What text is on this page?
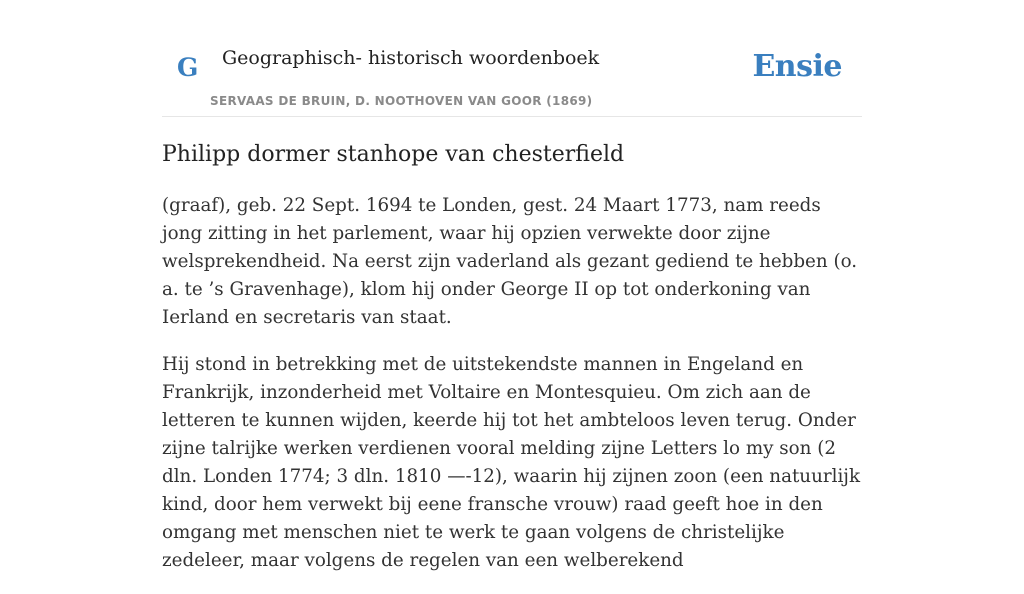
G Geographisch- historisch woordenboek
SERVAAS DE BRUIN, D. NOOTHOVEN VAN GOOR (1869)
Ensie
Philipp dormer stanhope van chesterfield

(graaf), geb. 22 Sept. 1694 te Londen, gest. 24 Maart 1773, nam reeds jong zitting in het parlement, waar hij opzien verwekte door zijne welsprekendheid. Na eerst zijn vaderland als gezant gediend te hebben (o. a. te ’s Gravenhage), klom hij onder George II op tot onderkoning van Ierland en secretaris van staat.

Hij stond in betrekking met de uitstekendste mannen in Engeland en Frankrijk, inzonderheid met Voltaire en Montesquieu. Om zich aan de letteren te kunnen wijden, keerde hij tot het ambteloos leven terug. Onder zijne talrijke werken verdienen vooral melding zijne Letters lo my son (2 dln. Londen 1774; 3 dln. 1810 —-12), waarin hij zijnen zoon (een natuurlijk kind, door hem verwekt bij eene fransche vrouw) raad geeft hoe in den omgang met menschen niet te werk te gaan volgens de christelijke zedeleer, maar volgens de regelen van een welberekend
